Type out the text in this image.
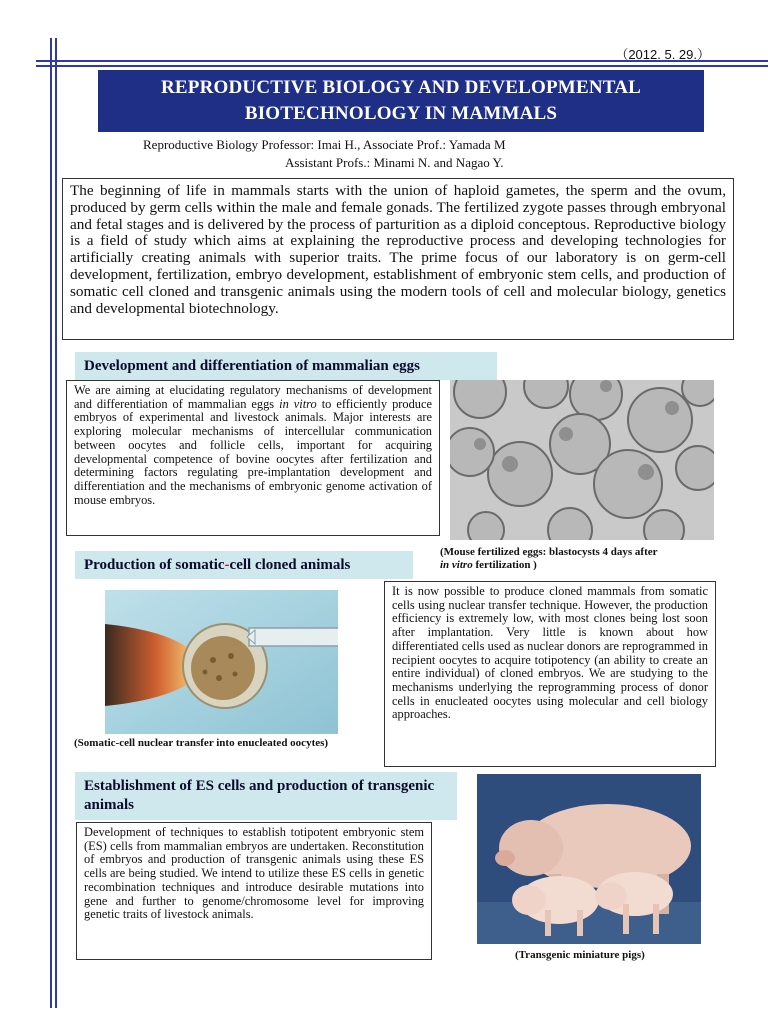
（2012. 5. 29.）
REPRODUCTIVE BIOLOGY AND DEVELOPMENTAL
BIOTECHNOLOGY IN MAMMALS
Reproductive Biology Professor: Imai H., Associate Prof.: Yamada M
Assistant Profs.: Minami N. and Nagao Y.
The beginning of life in mammals starts with the union of haploid gametes, the sperm and the ovum, produced by germ cells within the male and female gonads. The fertilized zygote passes through embryonal and fetal stages and is delivered by the process of parturition as a diploid conceptous. Reproductive biology is a field of study which aims at explaining the reproductive process and developing technologies for artificially creating animals with superior traits. The prime focus of our laboratory is on germ-cell development, fertilization, embryo development, establishment of embryonic stem cells, and production of somatic cell cloned and transgenic animals using the modern tools of cell and molecular biology, genetics and developmental biotechnology.
Development and differentiation of mammalian eggs
We are aiming at elucidating regulatory mechanisms of development and differentiation of mammalian eggs in vitro to efficiently produce embryos of experimental and livestock animals. Major interests are exploring molecular mechanisms of intercellular communication between oocytes and follicle cells, important for acquiring developmental competence of bovine oocytes after fertilization and determining factors regulating pre-implantation development and differentiation and the mechanisms of embryonic genome activation of mouse embryos.
(Mouse fertilized eggs: blastocysts 4 days after
in vitro fertilization )
Production of somatic-cell cloned animals
(Somatic-cell nuclear transfer into enucleated oocytes)
It is now possible to produce cloned mammals from somatic cells using nuclear transfer technique. However, the production efficiency is extremely low, with most clones being lost soon after implantation. Very little is known about how differentiated cells used as nuclear donors are reprogrammed in recipient oocytes to acquire totipotency (an ability to create an entire individual) of cloned embryos. We are studying to the mechanisms underlying the reprogramming process of donor cells in enucleated oocytes using molecular and cell biology approaches.
Establishment of ES cells and production of transgenic animals
Development of techniques to establish totipotent embryonic stem (ES) cells from mammalian embryos are undertaken. Reconstitution of embryos and production of transgenic animals using these ES cells are being studied. We intend to utilize these ES cells in genetic recombination techniques and introduce desirable mutations into gene and further to genome/chromosome level for improving genetic traits of livestock animals.
(Transgenic miniature pigs)
